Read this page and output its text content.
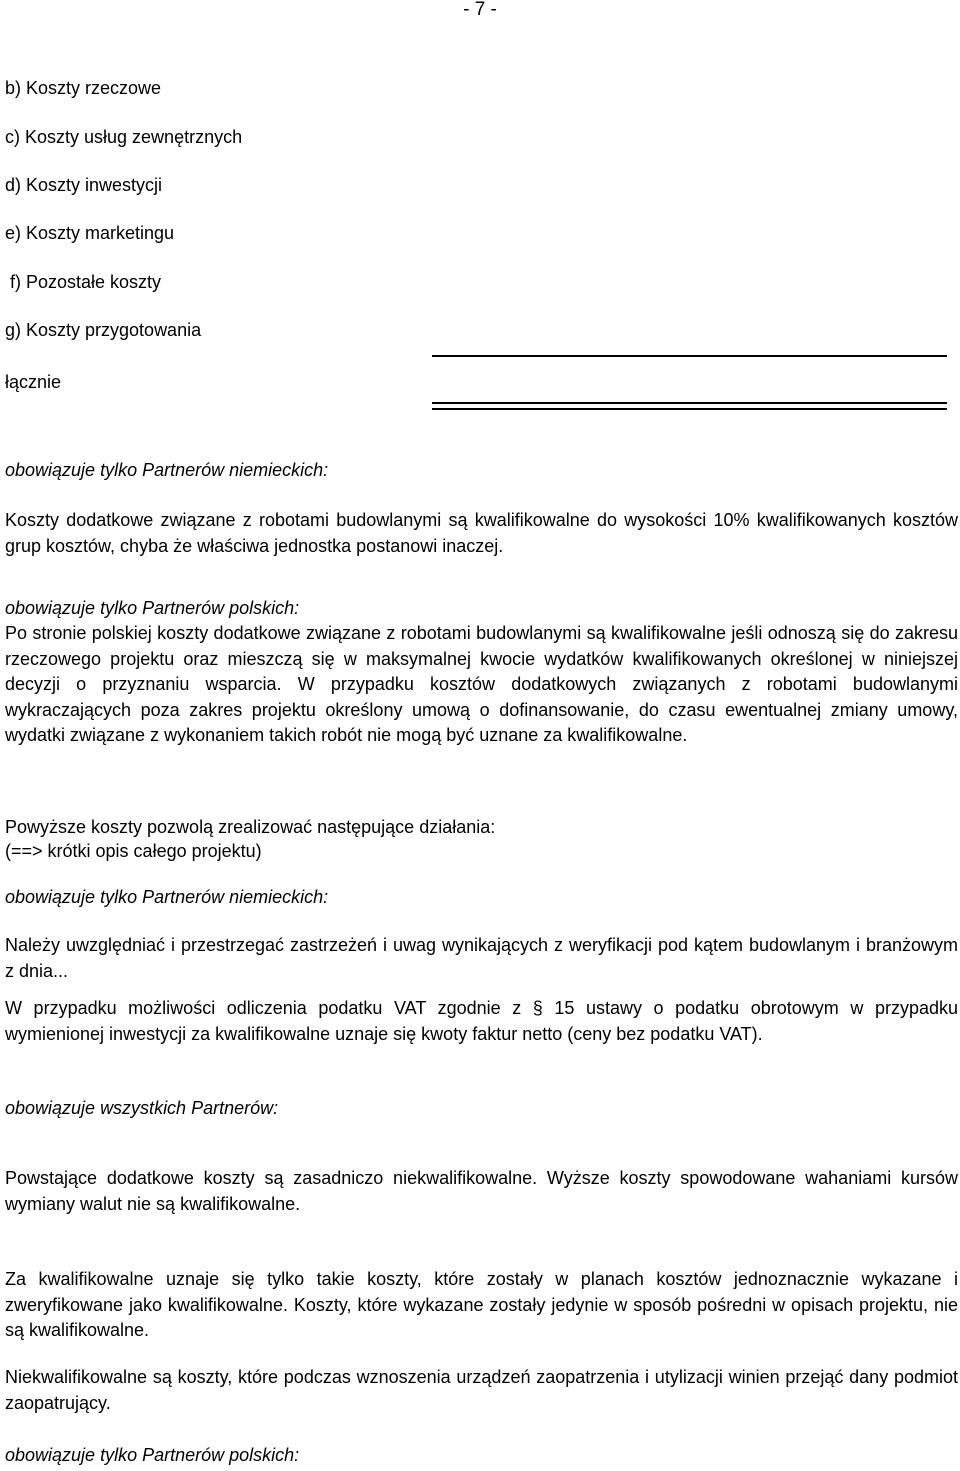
- 7 -
b) Koszty rzeczowe
c) Koszty usług zewnętrznych
d) Koszty inwestycji
e) Koszty marketingu
f) Pozostałe koszty
g) Koszty przygotowania
łącznie
obowiązuje tylko Partnerów niemieckich:
Koszty dodatkowe związane z robotami budowlanymi są kwalifikowalne do wysokości 10% kwalifikowanych kosztów grup kosztów, chyba że właściwa jednostka postanowi inaczej.
obowiązuje tylko Partnerów polskich:
Po stronie polskiej koszty dodatkowe związane z robotami budowlanymi są kwalifikowalne jeśli odnoszą się do zakresu rzeczowego projektu oraz mieszczą się w maksymalnej kwocie wydatków kwalifikowanych określonej w niniejszej decyzji o przyznaniu wsparcia. W przypadku kosztów dodatkowych związanych z robotami budowlanymi wykraczających poza zakres projektu określony umową o dofinansowanie, do czasu ewentualnej zmiany umowy, wydatki związane z wykonaniem takich robót nie mogą być uznane za kwalifikowalne.
Powyższe koszty pozwolą zrealizować następujące działania:
(==> krótki opis całego projektu)
obowiązuje tylko Partnerów niemieckich:
Należy uwzględniać i przestrzegać zastrzeżeń i uwag wynikających z weryfikacji pod kątem budowlanym i branżowym z dnia...
W przypadku możliwości odliczenia podatku VAT zgodnie z § 15 ustawy o podatku obrotowym w przypadku wymienionej inwestycji za kwalifikowalne uznaje się kwoty faktur netto (ceny bez podatku VAT).
obowiązuje wszystkich Partnerów:
Powstające dodatkowe koszty są zasadniczo niekwalifikowalne. Wyższe koszty spowodowane wahaniami kursów wymiany walut nie są kwalifikowalne.
Za kwalifikowalne uznaje się tylko takie koszty, które zostały w planach kosztów jednoznacznie wykazane i zweryfikowane jako kwalifikowalne. Koszty, które wykazane zostały jedynie w sposób pośredni w opisach projektu, nie są kwalifikowalne.
Niekwalifikowalne są koszty, które podczas wznoszenia urządzeń zaopatrzenia i utylizacji winien przejąć dany podmiot zaopatrujący.
obowiązuje tylko Partnerów polskich:
